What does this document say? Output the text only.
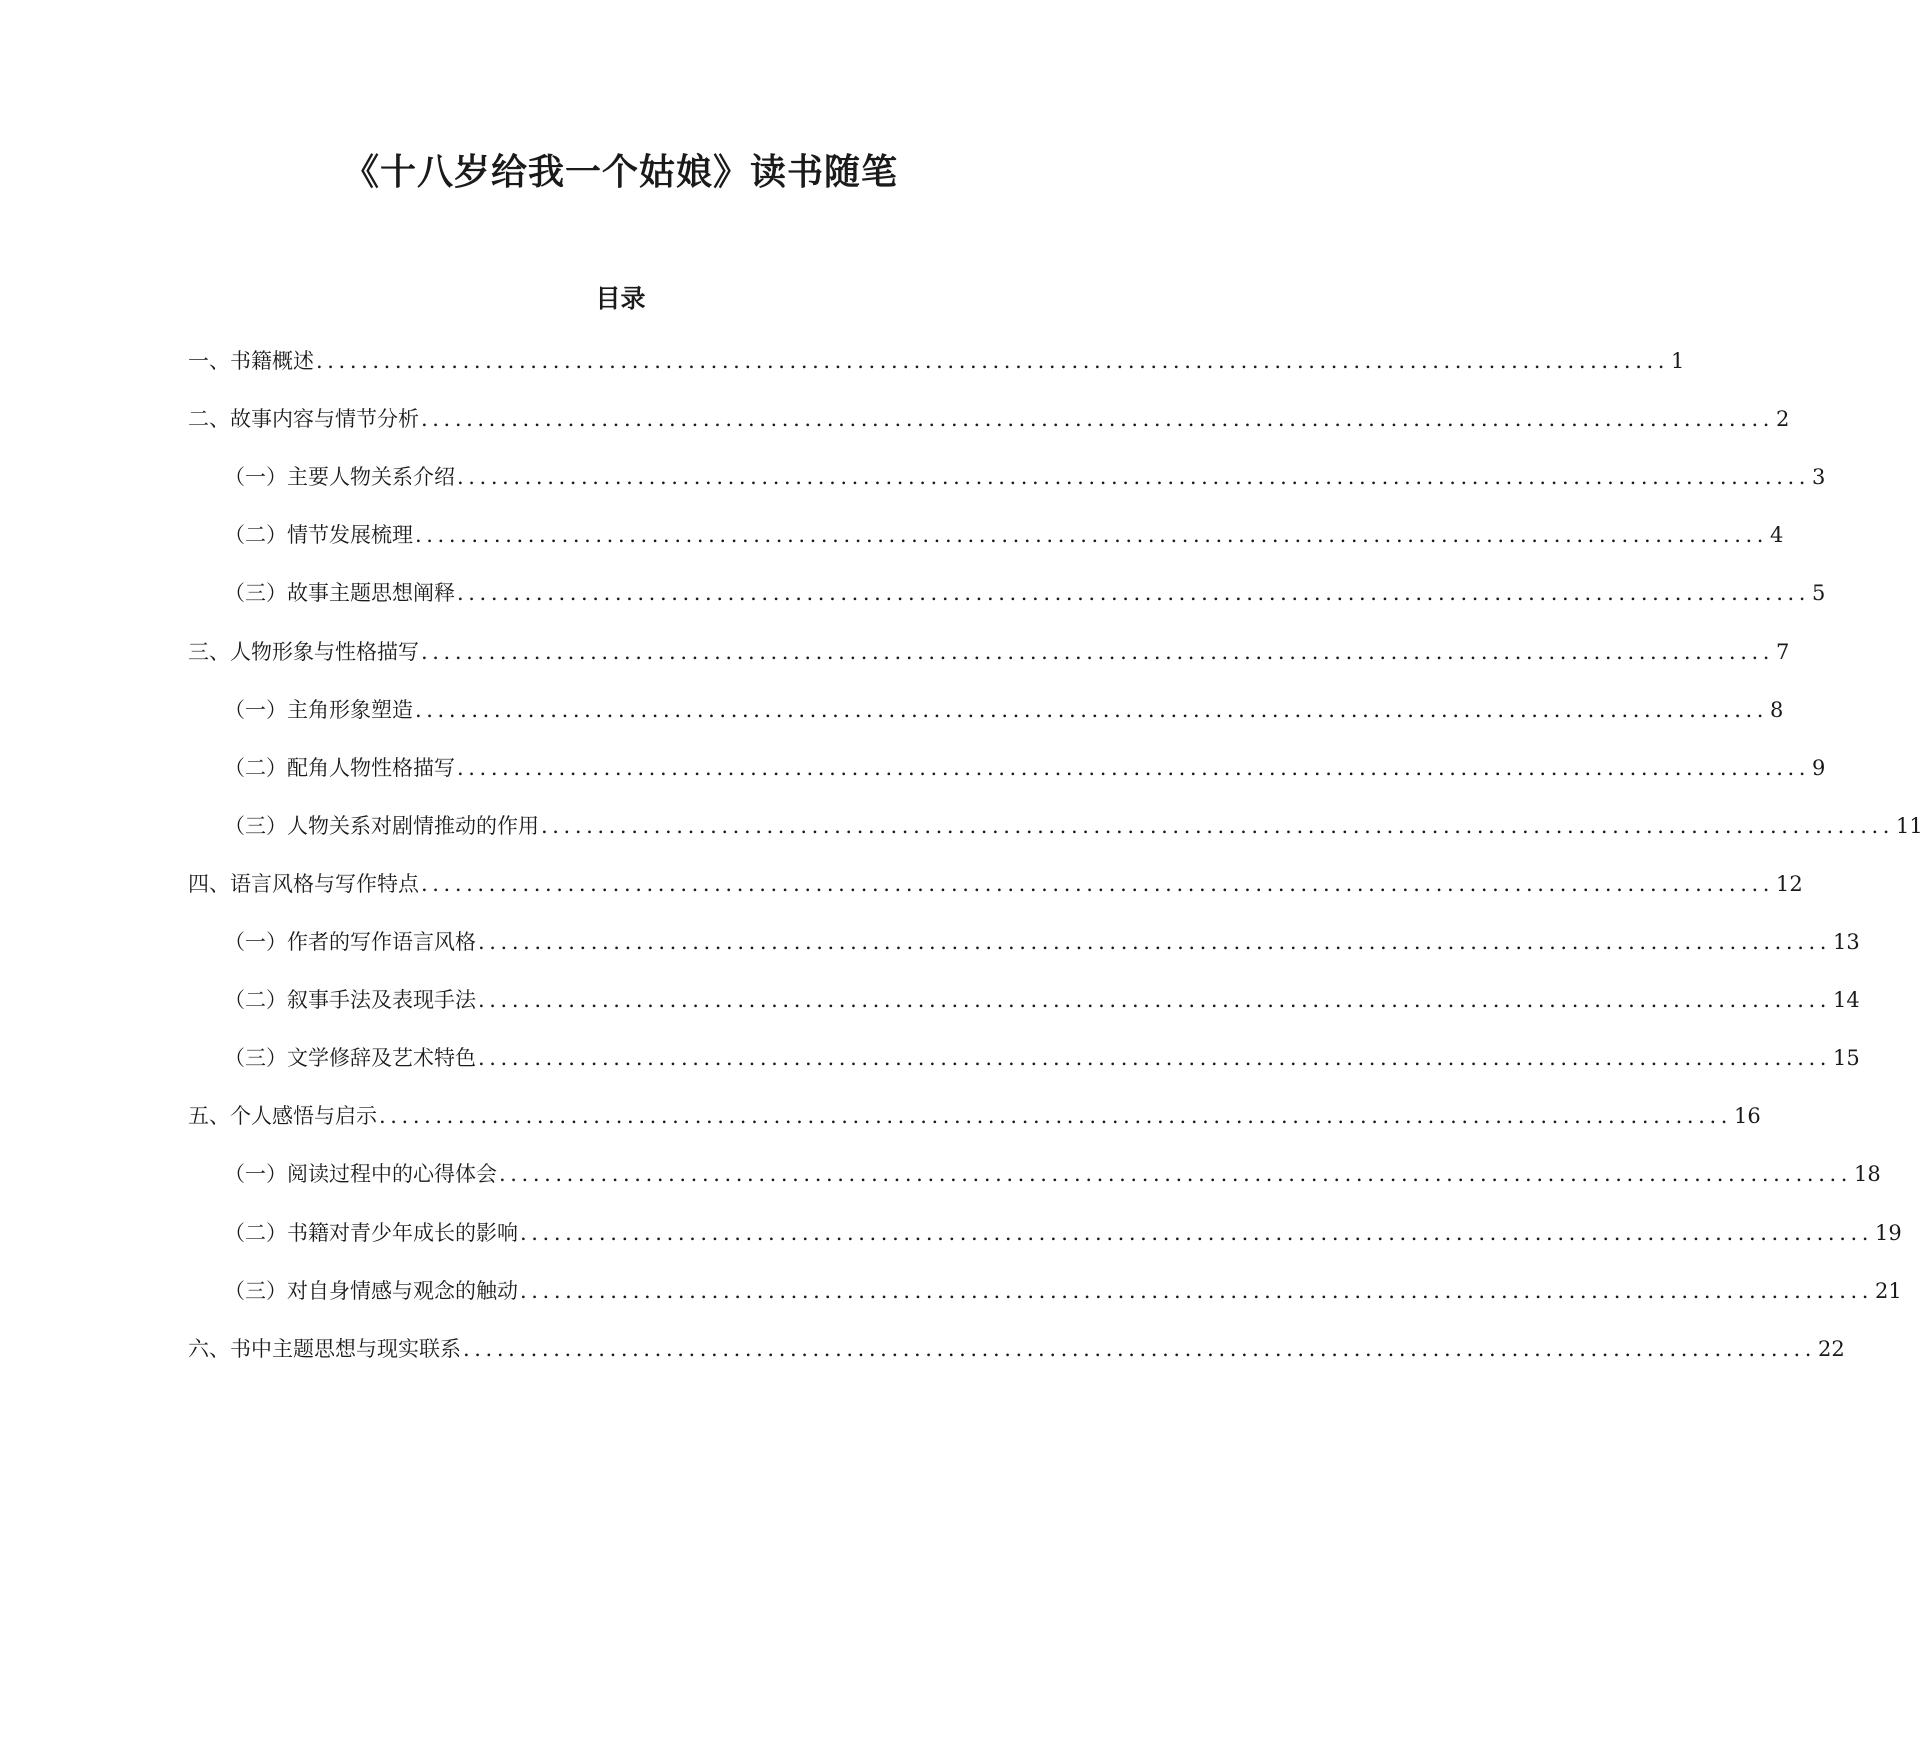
《十八岁给我一个姑娘》读书随笔
目录
一、书籍概述 ........................................................................................................................ 1
二、故事内容与情节分析 ........................................................................................................................ 2
（一）主要人物关系介绍 ........................................................................................................................ 3
（二）情节发展梳理 ........................................................................................................................ 4
（三）故事主题思想阐释 ........................................................................................................................ 5
三、人物形象与性格描写 ........................................................................................................................ 7
（一）主角形象塑造 ........................................................................................................................ 8
（二）配角人物性格描写 ........................................................................................................................ 9
（三）人物关系对剧情推动的作用 ........................................................................................................................ 11
四、语言风格与写作特点 ........................................................................................................................ 12
（一）作者的写作语言风格 ........................................................................................................................ 13
（二）叙事手法及表现手法 ........................................................................................................................ 14
（三）文学修辞及艺术特色 ........................................................................................................................ 15
五、个人感悟与启示 ........................................................................................................................ 16
（一）阅读过程中的心得体会 ........................................................................................................................ 18
（二）书籍对青少年成长的影响 ........................................................................................................................ 19
（三）对自身情感与观念的触动 ........................................................................................................................ 21
六、书中主题思想与现实联系 ........................................................................................................................ 22
